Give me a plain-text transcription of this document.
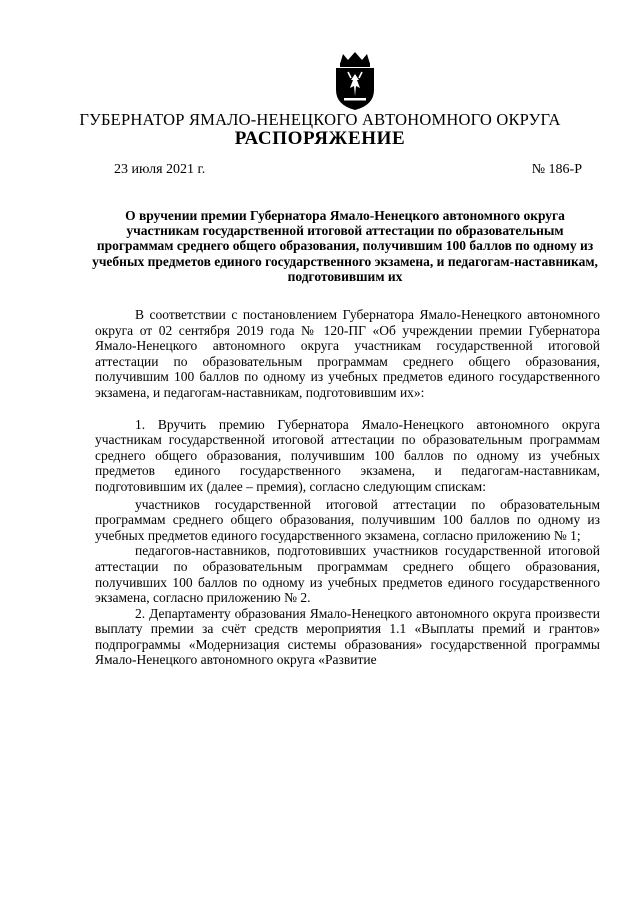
ГУБЕРНАТОР ЯМАЛО-НЕНЕЦКОГО АВТОНОМНОГО ОКРУГА
РАСПОРЯЖЕНИЕ
23 июля 2021 г.	№ 186-Р
О вручении премии Губернатора Ямало-Ненецкого автономного округа участникам государственной итоговой аттестации по образовательным программам среднего общего образования, получившим 100 баллов по одному из учебных предметов единого государственного экзамена, и педагогам-наставникам, подготовившим их

В соответствии с постановлением Губернатора Ямало-Ненецкого автономного округа от 02 сентября 2019 года № 120-ПГ «Об учреждении премии Губернатора Ямало-Ненецкого автономного округа участникам государственной итоговой аттестации по образовательным программам среднего общего образования, получившим 100 баллов по одному из учебных предметов единого государственного экзамена, и педагогам-наставникам, подготовившим их»:

1. Вручить премию Губернатора Ямало-Ненецкого автономного округа участникам государственной итоговой аттестации по образовательным программам среднего общего образования, получившим 100 баллов по одному из учебных предметов единого государственного экзамена, и педагогам-наставникам, подготовившим их (далее – премия), согласно следующим спискам:

участников государственной итоговой аттестации по образовательным программам среднего общего образования, получившим 100 баллов по одному из учебных предметов единого государственного экзамена, согласно приложению № 1;

педагогов-наставников, подготовивших участников государственной итоговой аттестации по образовательным программам среднего общего образования, получивших 100 баллов по одному из учебных предметов единого государственного экзамена, согласно приложению № 2.

2. Департаменту образования Ямало-Ненецкого автономного округа произвести выплату премии за счёт средств мероприятия 1.1 «Выплаты премий и грантов» подпрограммы «Модернизация системы образования» государственной программы Ямало-Ненецкого автономного округа «Развитие
